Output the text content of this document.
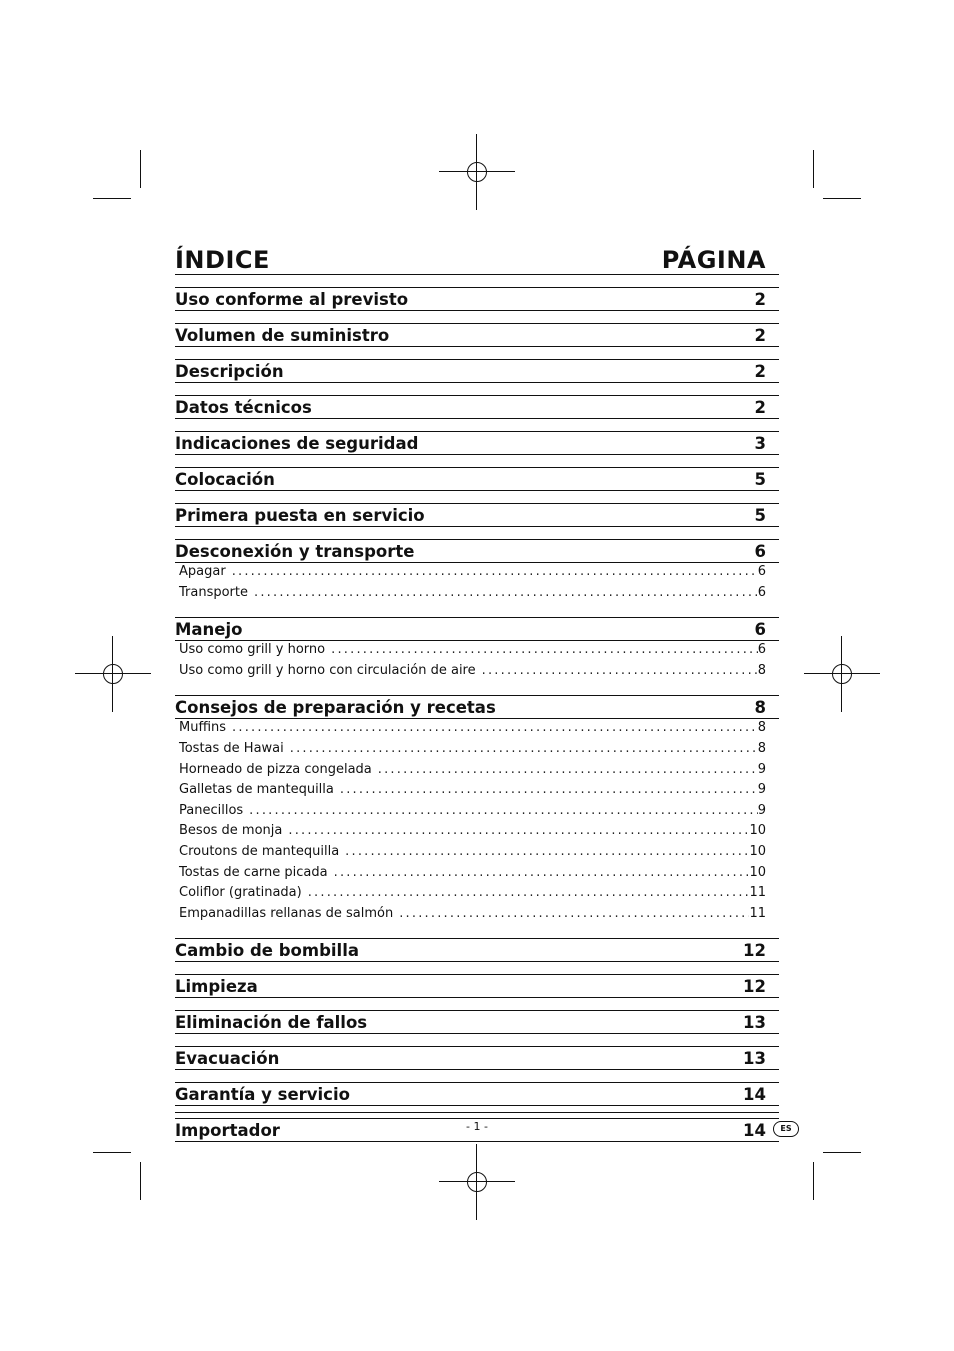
ÍNDICE	PÁGINA
Uso conforme al previsto	2
Volumen de suministro	2
Descripción	2
Datos técnicos	2
Indicaciones de seguridad	3
Colocación	5
Primera puesta en servicio	5
Desconexión y transporte	6
Apagar .....	6
Transporte .....	6
Manejo	6
Uso como grill y horno .....	6
Uso como grill y horno con circulación de aire .....	8
Consejos de preparación y recetas	8
Muffins .....	8
Tostas de Hawai .....	8
Horneado de pizza congelada .....	9
Galletas de mantequilla .....	9
Panecillos .....	9
Besos de monja .....	10
Croutons de mantequilla .....	10
Tostas de carne picada .....	10
Coliflor (gratinada) .....	11
Empanadillas rellanas de salmón .....	11
Cambio de bombilla	12
Limpieza	12
Eliminación de fallos	13
Evacuación	13
Garantía y servicio	14
Importador	14
- 1 -	ES
